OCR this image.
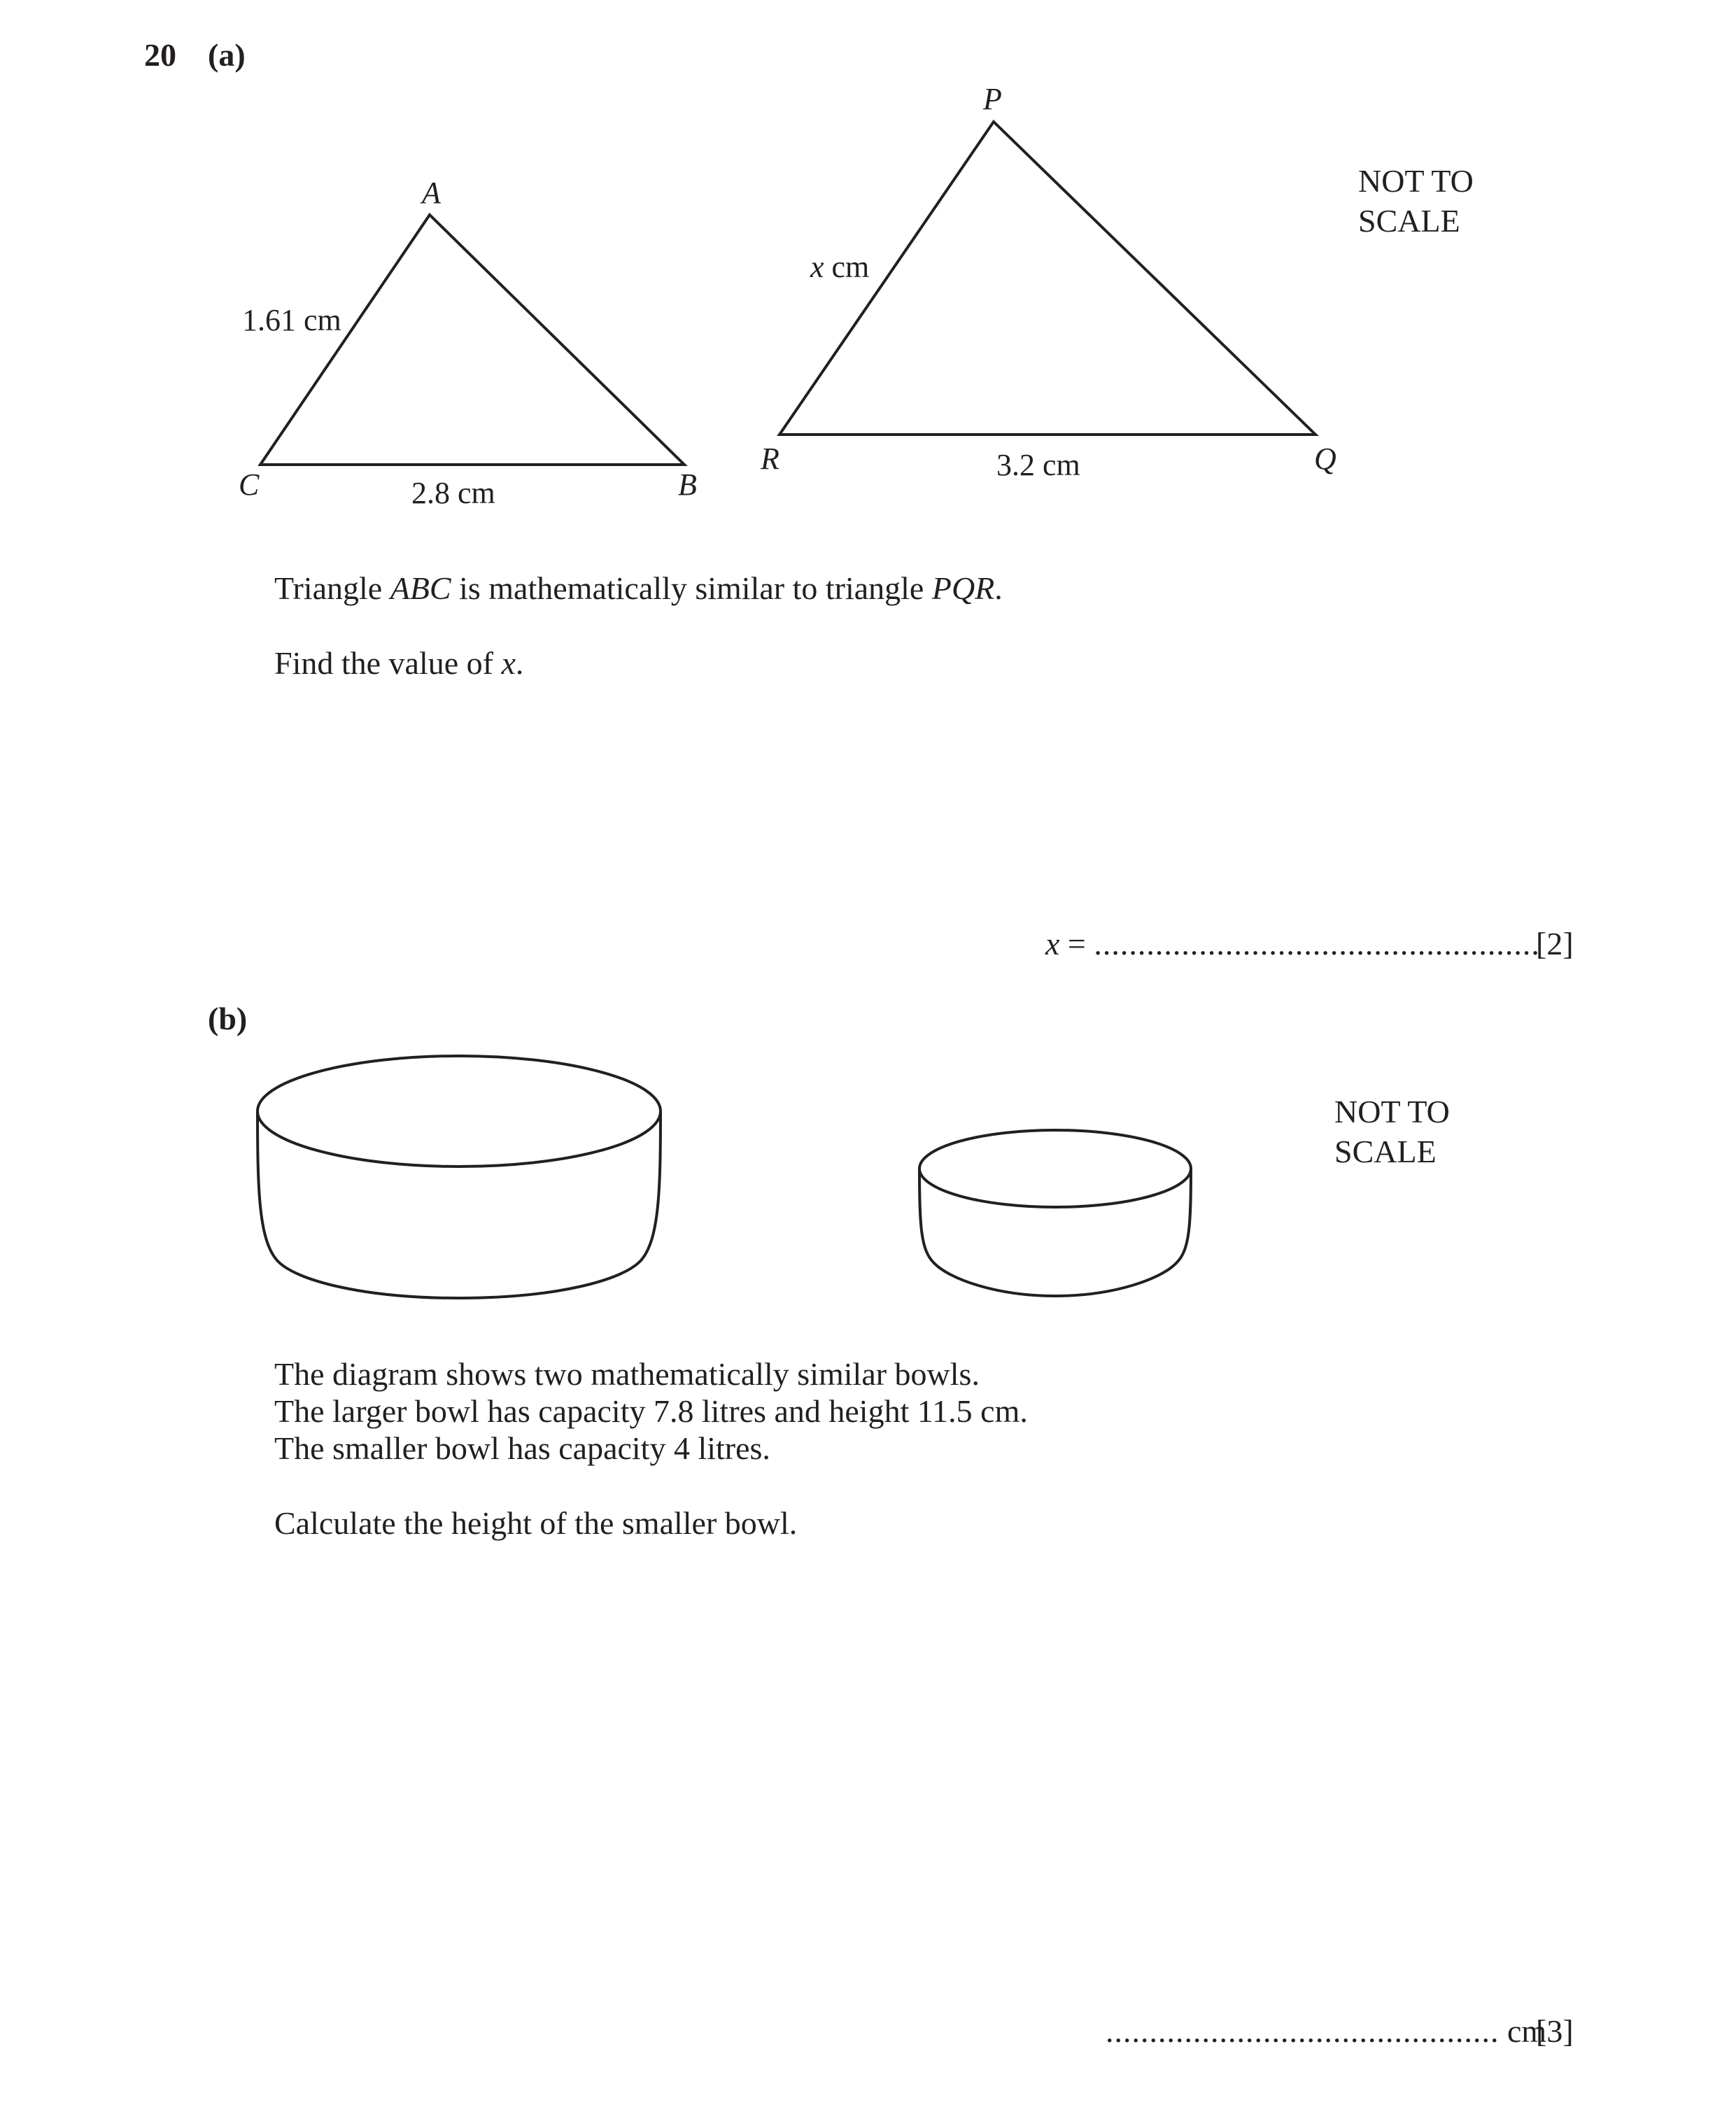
20 (a)
A
C	B
1.61 cm
2.8 cm
P
R	Q
x cm
3.2 cm
NOT TO
SCALE
Triangle ABC is mathematically similar to triangle PQR.
Find the value of x.
x = ...................................................
[2]
(b)
NOT TO
SCALE
The diagram shows two mathematically similar bowls.
The larger bowl has capacity 7.8 litres and height 11.5 cm.
The smaller bowl has capacity 4 litres.
Calculate the height of the smaller bowl.
............................................. cm
[3]
